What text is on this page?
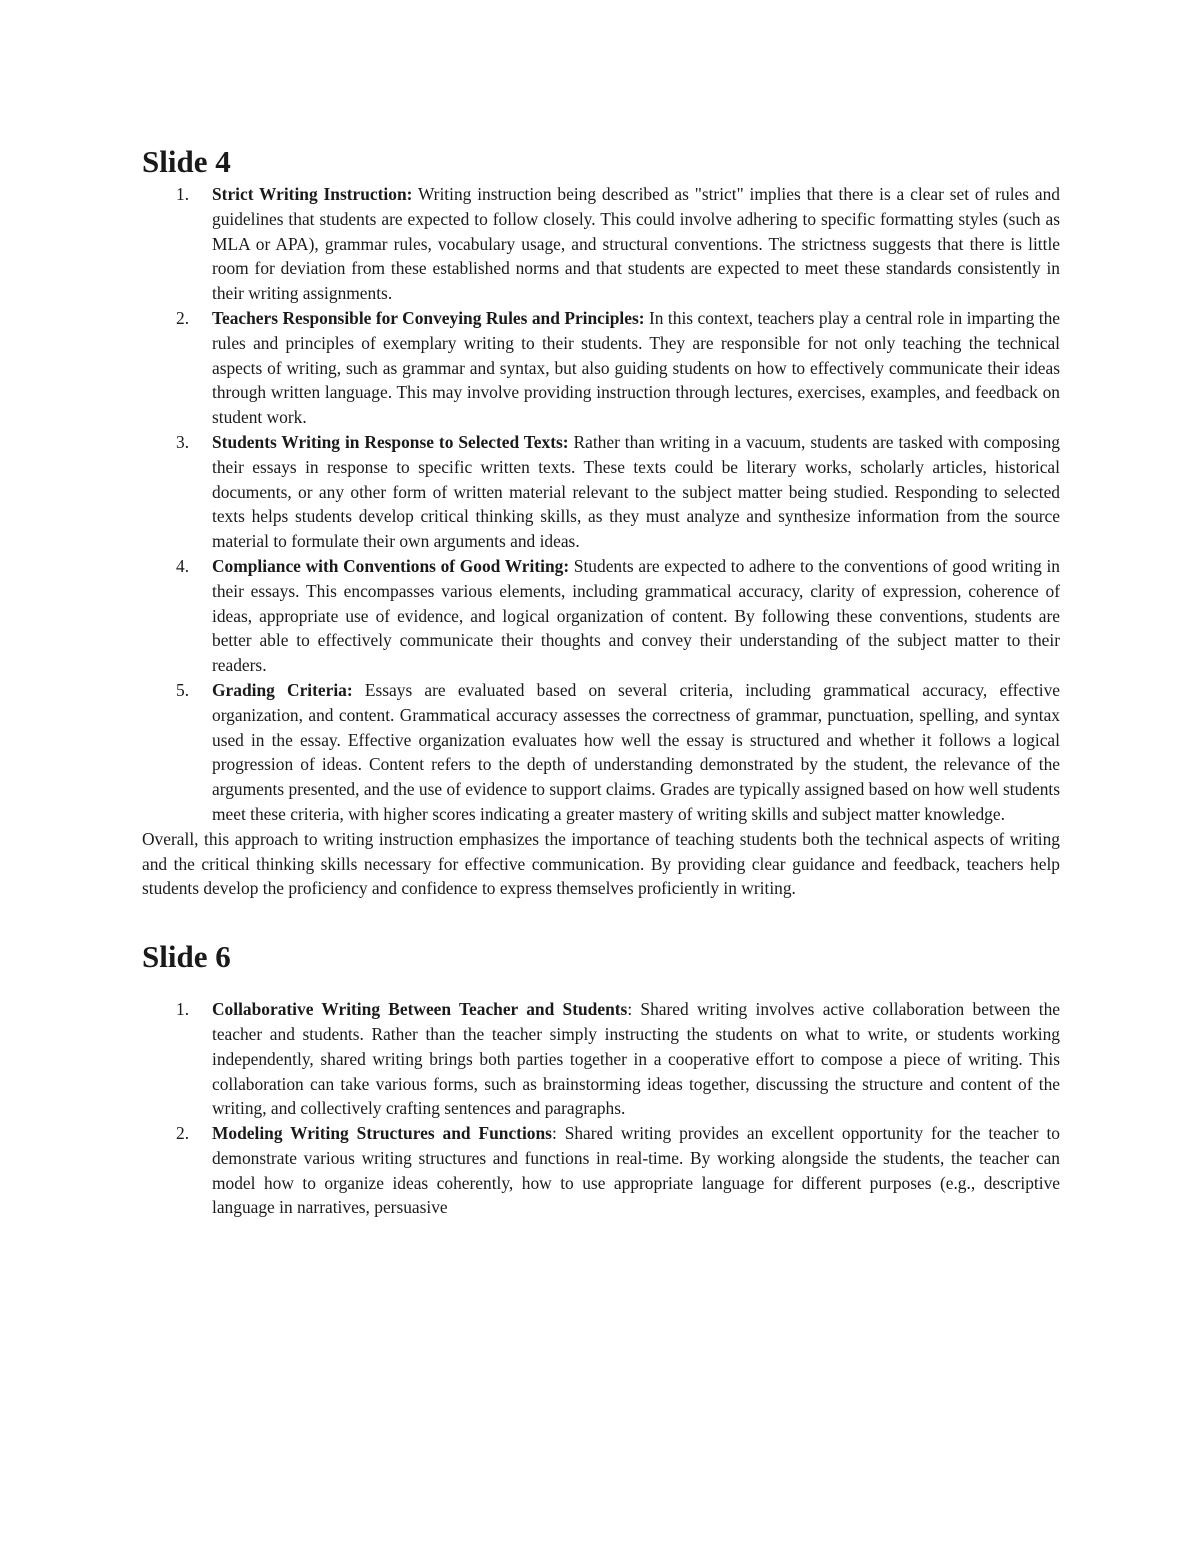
Slide 4
1. Strict Writing Instruction: Writing instruction being described as "strict" implies that there is a clear set of rules and guidelines that students are expected to follow closely. This could involve adhering to specific formatting styles (such as MLA or APA), grammar rules, vocabulary usage, and structural conventions. The strictness suggests that there is little room for deviation from these established norms and that students are expected to meet these standards consistently in their writing assignments.
2. Teachers Responsible for Conveying Rules and Principles: In this context, teachers play a central role in imparting the rules and principles of exemplary writing to their students. They are responsible for not only teaching the technical aspects of writing, such as grammar and syntax, but also guiding students on how to effectively communicate their ideas through written language. This may involve providing instruction through lectures, exercises, examples, and feedback on student work.
3. Students Writing in Response to Selected Texts: Rather than writing in a vacuum, students are tasked with composing their essays in response to specific written texts. These texts could be literary works, scholarly articles, historical documents, or any other form of written material relevant to the subject matter being studied. Responding to selected texts helps students develop critical thinking skills, as they must analyze and synthesize information from the source material to formulate their own arguments and ideas.
4. Compliance with Conventions of Good Writing: Students are expected to adhere to the conventions of good writing in their essays. This encompasses various elements, including grammatical accuracy, clarity of expression, coherence of ideas, appropriate use of evidence, and logical organization of content. By following these conventions, students are better able to effectively communicate their thoughts and convey their understanding of the subject matter to their readers.
5. Grading Criteria: Essays are evaluated based on several criteria, including grammatical accuracy, effective organization, and content. Grammatical accuracy assesses the correctness of grammar, punctuation, spelling, and syntax used in the essay. Effective organization evaluates how well the essay is structured and whether it follows a logical progression of ideas. Content refers to the depth of understanding demonstrated by the student, the relevance of the arguments presented, and the use of evidence to support claims. Grades are typically assigned based on how well students meet these criteria, with higher scores indicating a greater mastery of writing skills and subject matter knowledge.

Overall, this approach to writing instruction emphasizes the importance of teaching students both the technical aspects of writing and the critical thinking skills necessary for effective communication. By providing clear guidance and feedback, teachers help students develop the proficiency and confidence to express themselves proficiently in writing.

Slide 6
1. Collaborative Writing Between Teacher and Students: Shared writing involves active collaboration between the teacher and students. Rather than the teacher simply instructing the students on what to write, or students working independently, shared writing brings both parties together in a cooperative effort to compose a piece of writing. This collaboration can take various forms, such as brainstorming ideas together, discussing the structure and content of the writing, and collectively crafting sentences and paragraphs.
2. Modeling Writing Structures and Functions: Shared writing provides an excellent opportunity for the teacher to demonstrate various writing structures and functions in real-time. By working alongside the students, the teacher can model how to organize ideas coherently, how to use appropriate language for different purposes (e.g., descriptive language in narratives, persuasive
